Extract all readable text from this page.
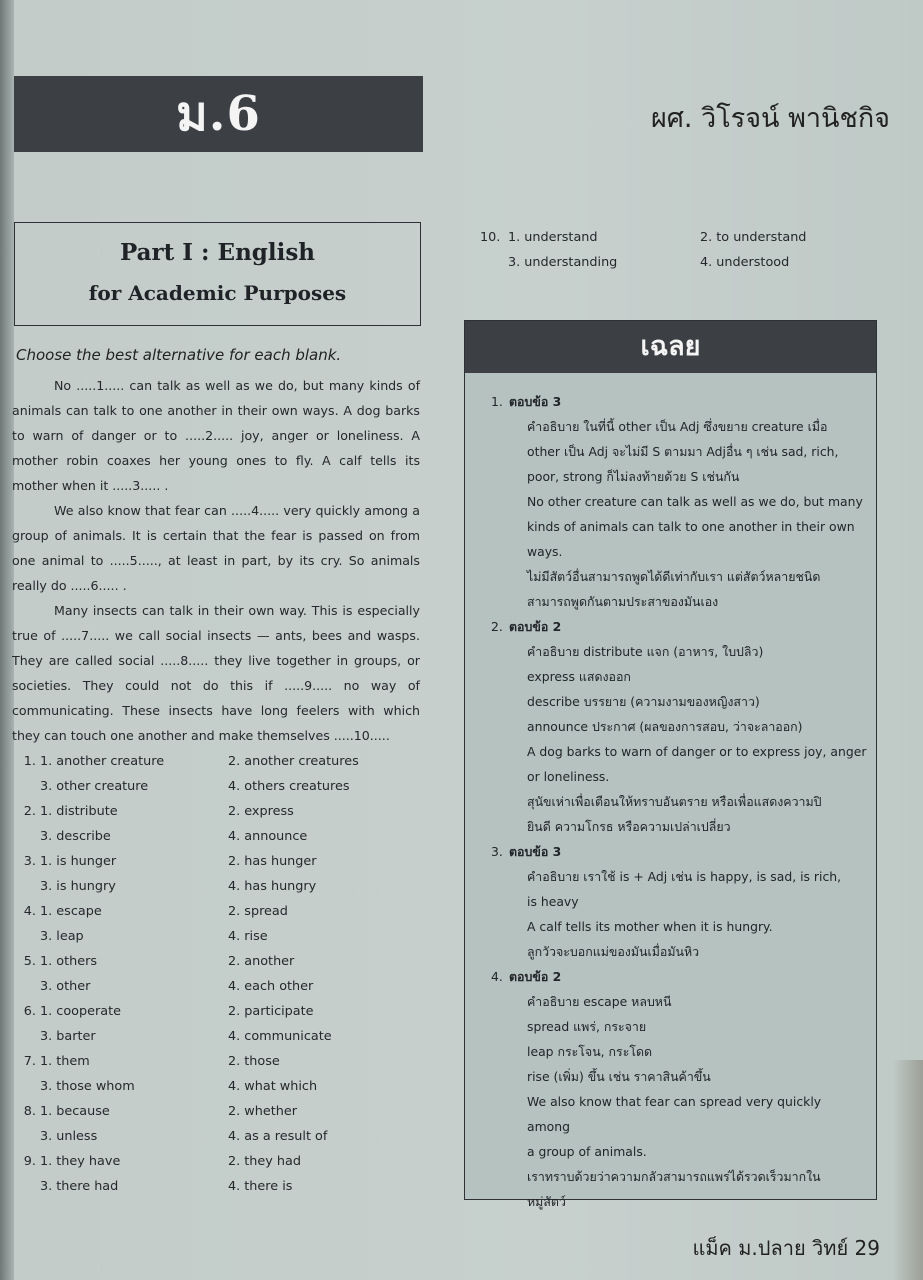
ม.6	ผศ. วิโรจน์ พานิชกิจ
Part I : English
for Academic Purposes
Choose the best alternative for each blank.

No .....1..... can talk as well as we do, but many kinds of animals can talk to one another in their own ways. A dog barks to warn of danger or to .....2..... joy, anger or loneliness. A mother robin coaxes her young ones to fly. A calf tells its mother when it .....3..... .

We also know that fear can .....4..... very quickly among a group of animals. It is certain that the fear is passed on from one animal to .....5....., at least in part, by its cry. So animals really do .....6..... .

Many insects can talk in their own way. This is especially true of .....7..... we call social insects — ants, bees and wasps. They are called social .....8..... they live together in groups, or societies. They could not do this if .....9..... no way of communicating. These insects have long feelers with which they can touch one another and make themselves .....10.....

1. 1. another creature	2. another creatures
3. other creature	4. others creatures
2. 1. distribute	2. express
3. describe	4. announce
3. 1. is hunger	2. has hunger
3. is hungry	4. has hungry
4. 1. escape	2. spread
3. leap	4. rise
5. 1. others	2. another
3. other	4. each other
6. 1. cooperate	2. participate
3. barter	4. communicate
7. 1. them	2. those
3. those whom	4. what which
8. 1. because	2. whether
3. unless	4. as a result of
9. 1. they have	2. they had
3. there had	4. there is
10. 1. understand	2. to understand
3. understanding	4. understood
เฉลย
1. ตอบข้อ 3
คำอธิบาย ในที่นี้ other เป็น Adj ซึ่งขยาย creature เมื่อ
other เป็น Adj จะไม่มี S ตามมา Adjอื่น ๆ เช่น sad, rich,
poor, strong ก็ไม่ลงท้ายด้วย S เช่นกัน
No other creature can talk as well as we do, but many
kinds of animals can talk to one another in their own ways.
ไม่มีสัตว์อื่นสามารถพูดได้ดีเท่ากับเรา แต่สัตว์หลายชนิด
สามารถพูดกันตามประสาของมันเอง
2. ตอบข้อ 2
คำอธิบาย distribute แจก (อาหาร, ใบปลิว)
express แสดงออก
describe บรรยาย (ความงามของหญิงสาว)
announce ประกาศ (ผลของการสอบ, ว่าจะลาออก)
A dog barks to warn of danger or to express joy, anger
or loneliness.
สุนัขเห่าเพื่อเตือนให้ทราบอันตราย หรือเพื่อแสดงความปิ
ยินดี ความโกรธ หรือความเปล่าเปลี่ยว
3. ตอบข้อ 3
คำอธิบาย เราใช้ is + Adj เช่น is happy, is sad, is rich,
is heavy
A calf tells its mother when it is hungry.
ลูกวัวจะบอกแม่ของมันเมื่อมันหิว
4. ตอบข้อ 2
คำอธิบาย escape หลบหนี
spread แพร่, กระจาย
leap กระโจน, กระโดด
rise (เพิ่ม) ขึ้น เช่น ราคาสินค้าขึ้น
We also know that fear can spread very quickly among
a group of animals.
เราทราบด้วยว่าความกลัวสามารถแพร่ได้รวดเร็วมากใน
หมู่สัตว์
แม็ค ม.ปลาย วิทย์ 29
